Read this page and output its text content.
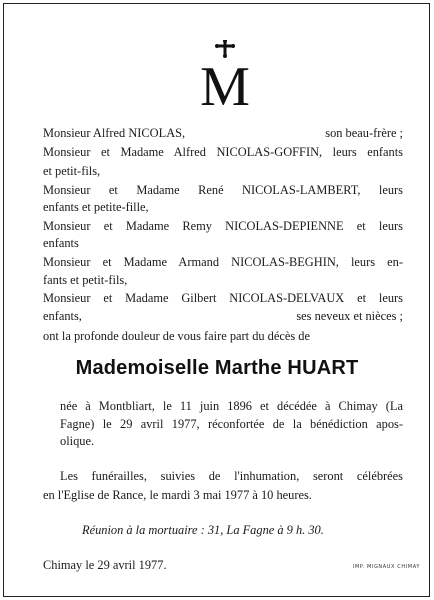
M
Monsieur Alfred NICOLAS,	son beau-frère ;
Monsieur et Madame Alfred NICOLAS-GOFFIN, leurs enfants
et petit-fils,
Monsieur et Madame René NICOLAS-LAMBERT, leurs
enfants et petite-fille,
Monsieur et Madame Remy NICOLAS-DEPIENNE et leurs
enfants
Monsieur et Madame Armand NICOLAS-BEGHIN, leurs en-
fants et petit-fils,
Monsieur et Madame Gilbert NICOLAS-DELVAUX et leurs
enfants,	ses neveux et nièces ;
ont la profonde douleur de vous faire part du décès de
Mademoiselle Marthe HUART
née à Montbliart, le 11 juin 1896 et décédée à Chimay (La
Fagne) le 29 avril 1977, réconfortée de la bénédiction apos-
olique.
Les funérailles, suivies de l'inhumation, seront célébrées
en l'Eglise de Rance, le mardi 3 mai 1977 à 10 heures.
Réunion à la mortuaire : 31, La Fagne à 9 h. 30.
Chimay le 29 avril 1977.	IMP. MIGNAUX CHIMAY
